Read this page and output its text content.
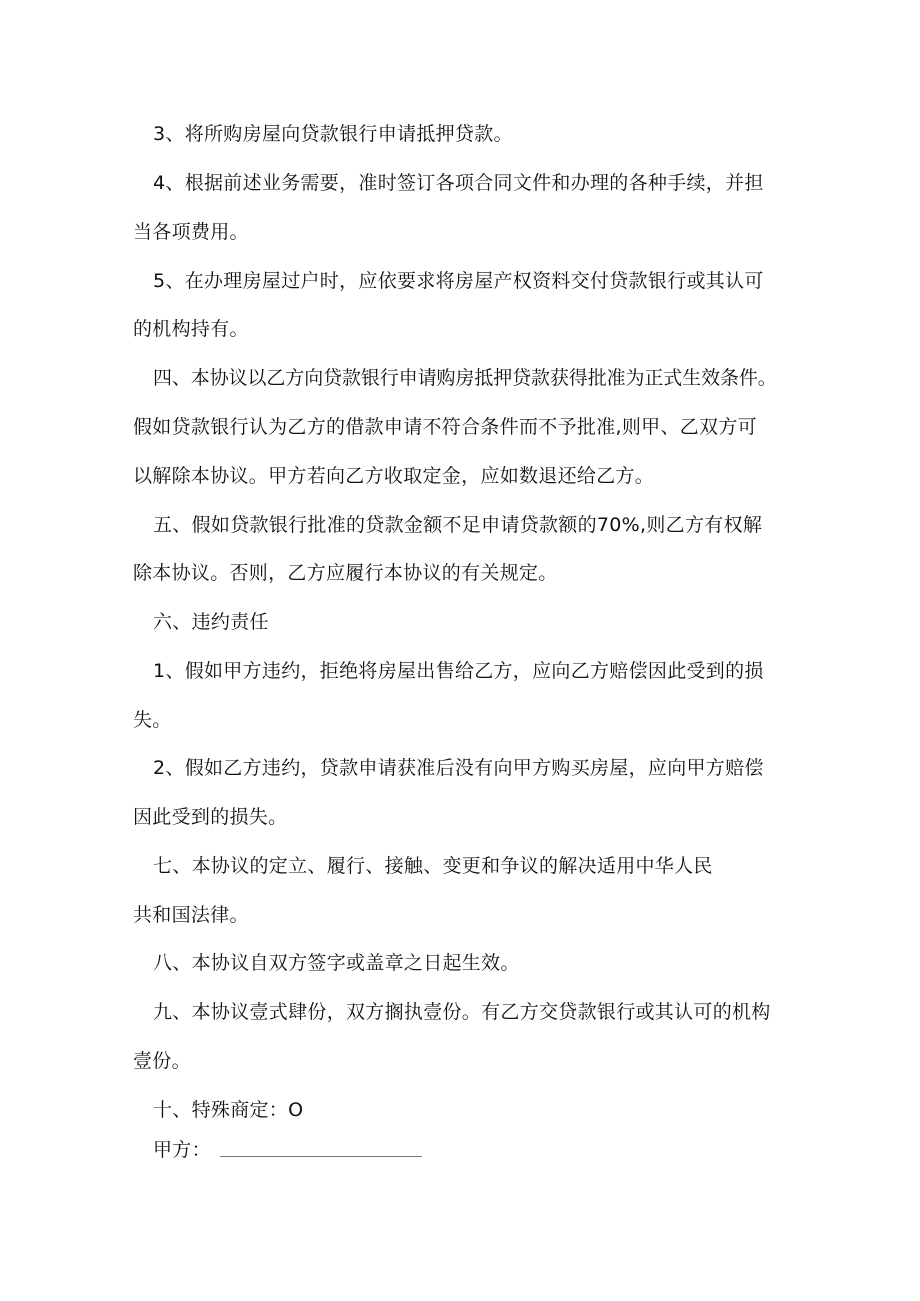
3、将所购房屋向贷款银行申请抵押贷款。
4、根据前述业务需要，准时签订各项合同文件和办理的各种手续，并担
当各项费用。
5、在办理房屋过户时，应依要求将房屋产权资料交付贷款银行或其认可
的机构持有。
四、本协议以乙方向贷款银行申请购房抵押贷款获得批准为正式生效条件。
假如贷款银行认为乙方的借款申请不符合条件而不予批准,则甲、乙双方可
以解除本协议。甲方若向乙方收取定金，应如数退还给乙方。
五、假如贷款银行批准的贷款金额不足申请贷款额的70%,则乙方有权解
除本协议。否则，乙方应履行本协议的有关规定。
六、违约责任
1、假如甲方违约，拒绝将房屋出售给乙方，应向乙方赔偿因此受到的损
失。
2、假如乙方违约，贷款申请获准后没有向甲方购买房屋，应向甲方赔偿
因此受到的损失。
七、本协议的定立、履行、接触、变更和争议的解决适用中华人民
共和国法律。
八、本协议自双方签字或盖章之日起生效。
九、本协议壹式肆份，双方搁执壹份。有乙方交贷款银行或其认可的机构
壹份。
十、特殊商定：O
甲方：
